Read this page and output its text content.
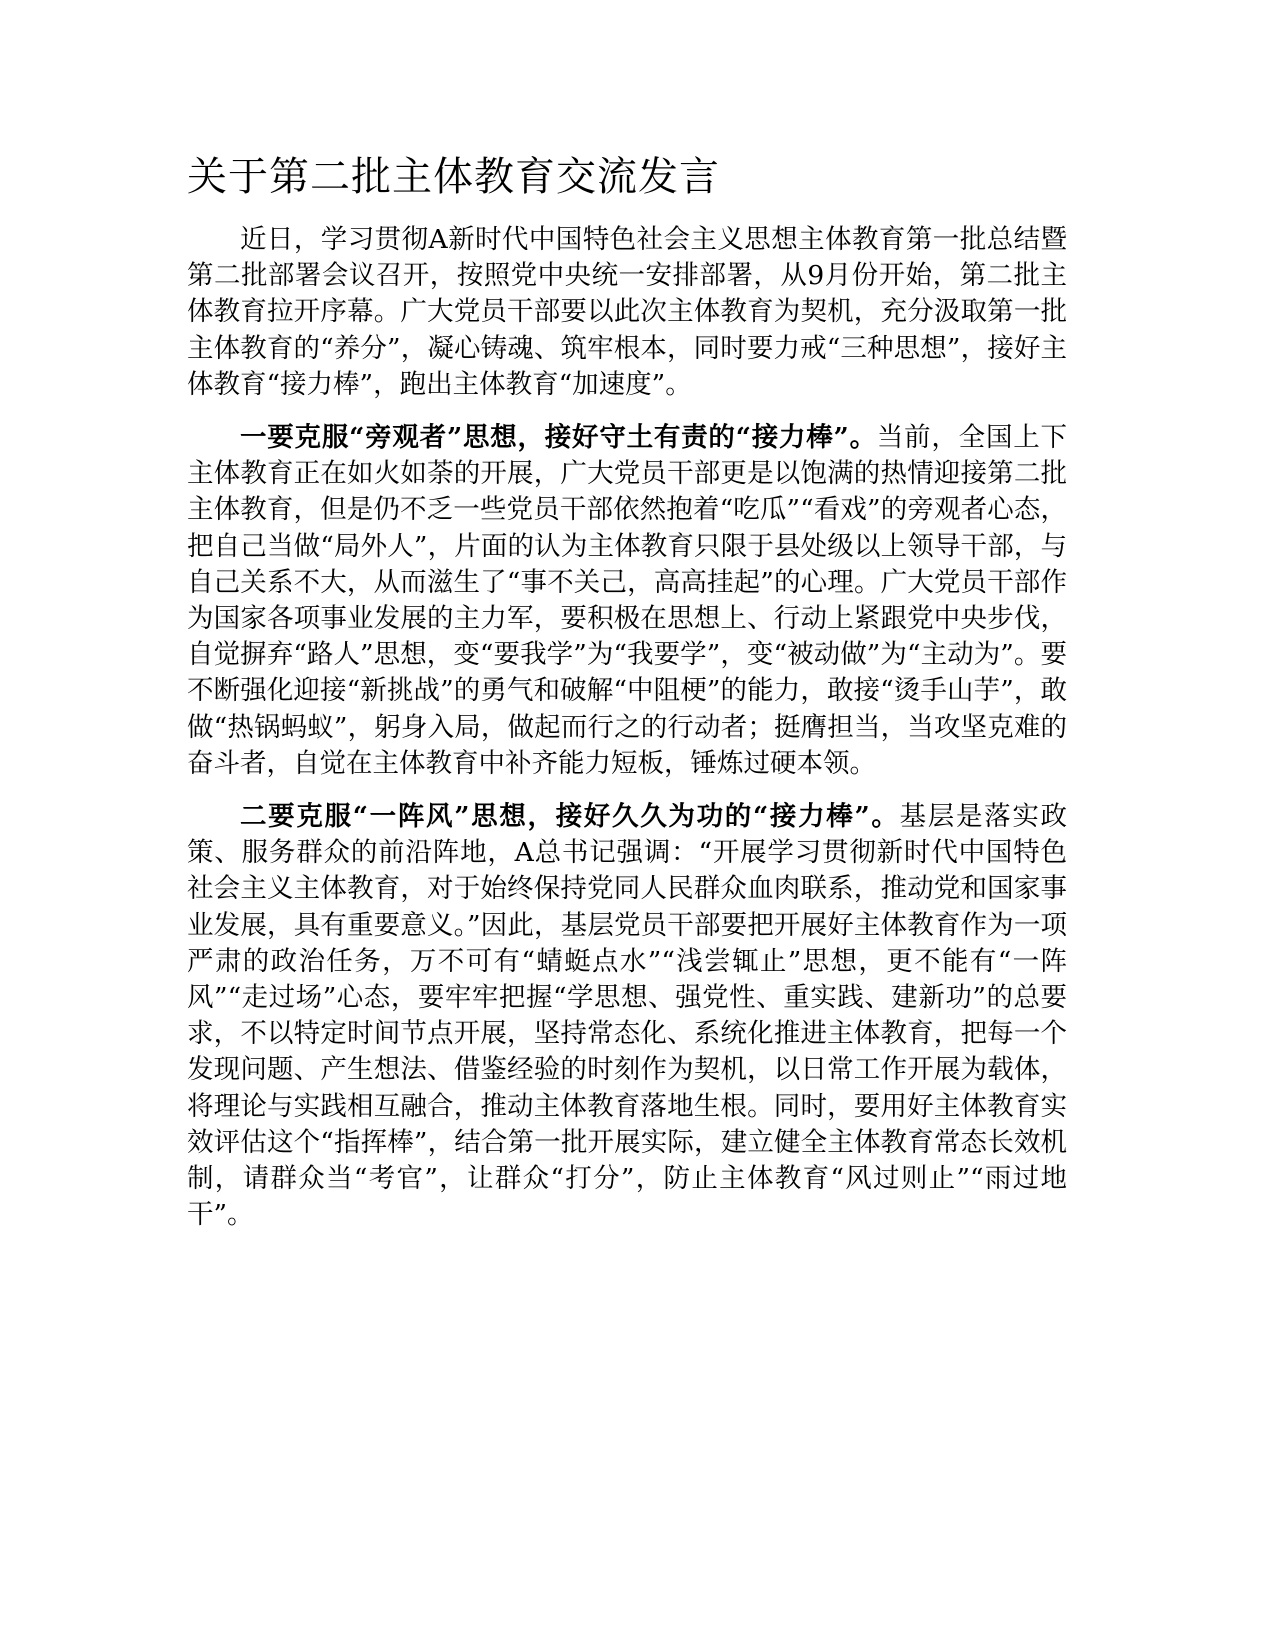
关于第二批主体教育交流发言

近日，学习贯彻A新时代中国特色社会主义思想主体教育第一批总结暨第二批部署会议召开，按照党中央统一安排部署，从9月份开始，第二批主体教育拉开序幕。广大党员干部要以此次主体教育为契机，充分汲取第一批主体教育的“养分”，凝心铸魂、筑牢根本，同时要力戒“三种思想”，接好主体教育“接力棒”，跑出主体教育“加速度”。

一要克服“旁观者”思想，接好守土有责的“接力棒”。当前，全国上下主体教育正在如火如荼的开展，广大党员干部更是以饱满的热情迎接第二批主体教育，但是仍不乏一些党员干部依然抱着“吃瓜”“看戏”的旁观者心态，把自己当做“局外人”，片面的认为主体教育只限于县处级以上领导干部，与自己关系不大，从而滋生了“事不关己，高高挂起”的心理。广大党员干部作为国家各项事业发展的主力军，要积极在思想上、行动上紧跟党中央步伐，自觉摒弃“路人”思想，变“要我学”为“我要学”，变“被动做”为“主动为”。要不断强化迎接“新挑战”的勇气和破解“中阻梗”的能力，敢接“烫手山芋”，敢做“热锅蚂蚁”，躬身入局，做起而行之的行动者；挺膺担当，当攻坚克难的奋斗者，自觉在主体教育中补齐能力短板，锤炼过硬本领。

二要克服“一阵风”思想，接好久久为功的“接力棒”。基层是落实政策、服务群众的前沿阵地，A总书记强调：“开展学习贯彻新时代中国特色社会主义主体教育，对于始终保持党同人民群众血肉联系，推动党和国家事业发展，具有重要意义。”因此，基层党员干部要把开展好主体教育作为一项严肃的政治任务，万不可有“蜻蜓点水”“浅尝辄止”思想，更不能有“一阵风”“走过场”心态，要牢牢把握“学思想、强党性、重实践、建新功”的总要求，不以特定时间节点开展，坚持常态化、系统化推进主体教育，把每一个发现问题、产生想法、借鉴经验的时刻作为契机，以日常工作开展为载体，将理论与实践相互融合，推动主体教育落地生根。同时，要用好主体教育实效评估这个“指挥棒”，结合第一批开展实际，建立健全主体教育常态长效机制，请群众当“考官”，让群众“打分”，防止主体教育“风过则止”“雨过地干”。
